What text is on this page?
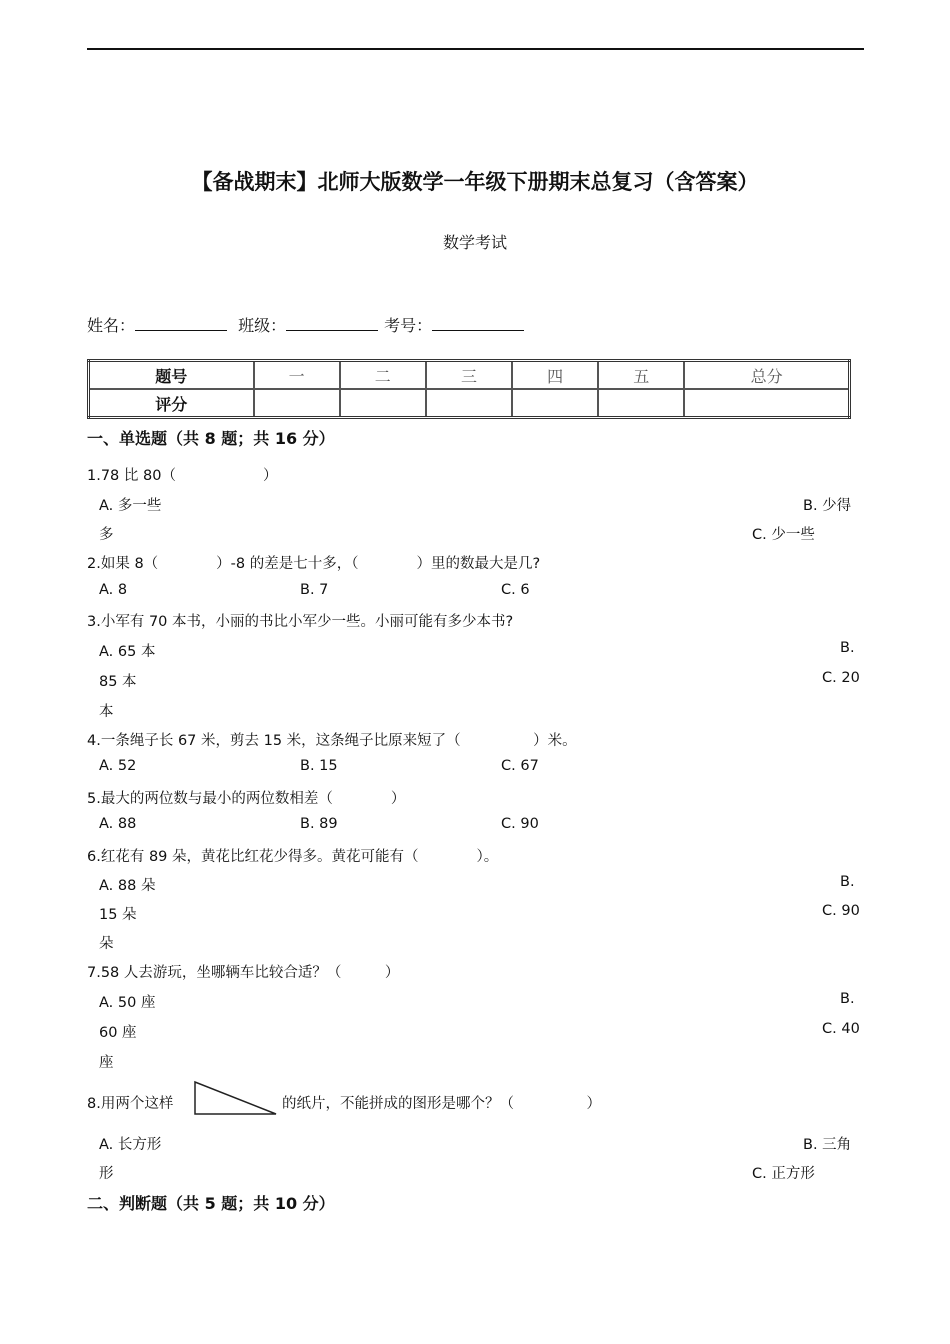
【备战期末】北师大版数学一年级下册期末总复习（含答案）
数学考试
姓名：	班级：	考号：
题号	一	二	三	四	五	总分
评分						
一、单选题（共 8 题；共 16 分）
1.78 比 80（　　　　　　）
A. 多一些	B. 少得
多	C. 少一些
2.如果 8（　　　　）-8 的差是七十多，（　　　　）里的数最大是几?
A. 8	B. 7	C. 6
3.小军有 70 本书，小丽的书比小军少一些。小丽可能有多少本书?
A. 65 本	B.
85 本	C. 20
本
4.一条绳子长 67 米，剪去 15 米，这条绳子比原来短了（　　　　　）米。
A. 52	B. 15	C. 67
5.最大的两位数与最小的两位数相差（　　　　）
A. 88	B. 89	C. 90
6.红花有 89 朵，黄花比红花少得多。黄花可能有（　　　　）。
A. 88 朵	B.
15 朵	C. 90
朵
7.58 人去游玩，坐哪辆车比较合适？（　　　）
A. 50 座	B.
60 座	C. 40
座
8.用两个这样	的纸片，不能拼成的图形是哪个？（　　　　　）
A. 长方形	B. 三角
形	C. 正方形
二、判断题（共 5 题；共 10 分）
